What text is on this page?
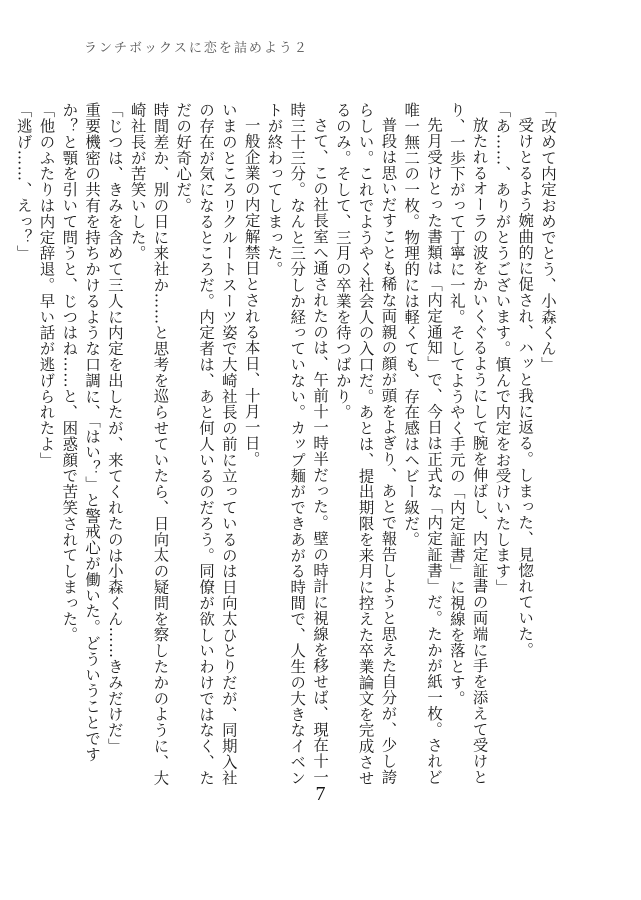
ランチボックスに恋を詰めよう２

「改めて内定おめでとう、小森くん」

受けとるよう婉曲的に促され、ハッと我に返る。しまった、見惚れていた。

「あ……、ありがとうございます。慎んで内定をお受けいたします」

放たれるオーラの波をかいくぐるようにして腕を伸ばし、内定証書の両端に手を添えて受けとり、一歩下がって丁寧に一礼。そしてようやく手元の「内定証書」に視線を落とす。

先月受けとった書類は「内定通知」で、今日は正式な「内定証書」だ。たかが紙一枚。されど唯一無二の一枚。物理的には軽くても、存在感はヘビー級だ。

普段は思いだすことも稀な両親の顔が頭をよぎり、あとで報告しようと思えた自分が、少し誇らしい。これでようやく社会人の入口だ。あとは、提出期限を来月に控えた卒業論文を完成させるのみ。そして、三月の卒業を待つばかり。

さて、この社長室へ通されたのは、午前十一時半だった。壁の時計に視線を移せば、現在十一時三十三分。なんと三分しか経っていない。カップ麺ができあがる時間で、人生の大きなイベントが終わってしまった。

一般企業の内定解禁日とされる本日、十月一日。

いまのところリクルートスーツ姿で大崎社長の前に立っているのは日向太ひとりだが、同期入社の存在が気になるところだ。内定者は、あと何人いるのだろう。同僚が欲しいわけではなく、ただの好奇心だ。

時間差か、別の日に来社か……と思考を巡らせていたら、日向太の疑問を察したかのように、大崎社長が苦笑いした。

「じつは、きみを含めて三人に内定を出したが、来てくれたのは小森くん……きみだけだ」

重要機密の共有を持ちかけるような口調に、「はい？」と警戒心が働いた。どういうことですか？と顎を引いて問うと、じつはね……と、困惑顔で苦笑されてしまった。

「他のふたりは内定辞退。早い話が逃げられたよ」

「逃げ……、えっ？」

7
